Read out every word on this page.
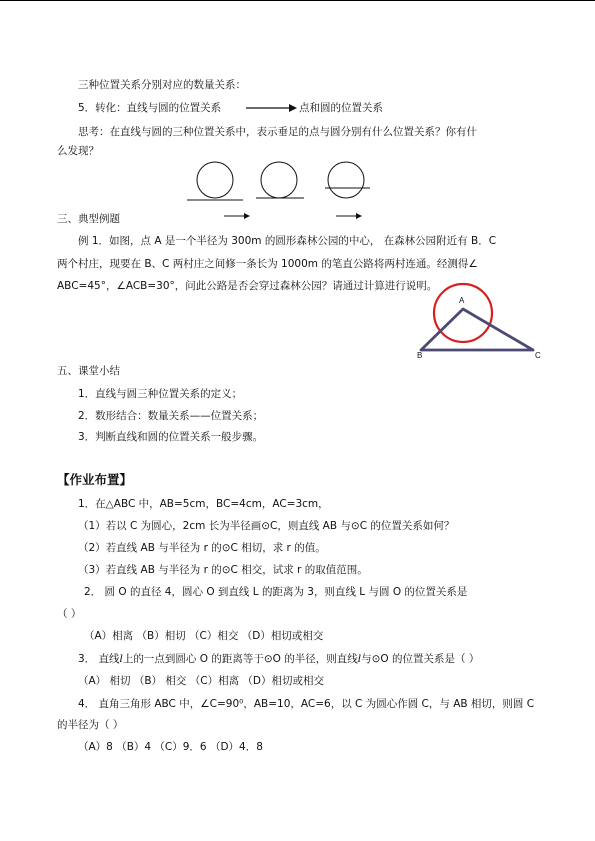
三种位置关系分别对应的数量关系：
5．转化：直线与圆的位置关系	点和圆的位置关系
思考：在直线与圆的三种位置关系中，表示垂足的点与圆分别有什么位置关系？你有什
么发现？
三、典型例题
例 1．如图，点 A 是一个半径为 300m 的圆形森林公园的中心， 在森林公园附近有 B．C
两个村庄，现要在 B、C 两村庄之间修一条长为 1000m 的笔直公路将两村连通。经测得∠
ABC=45°，∠ACB=30°，问此公路是否会穿过森林公园？请通过计算进行说明。
A
B	C
五、课堂小结
1．直线与圆三种位置关系的定义；
2．数形结合：数量关系——位置关系；
3．判断直线和圆的位置关系一般步骤。
【作业布置】
1．在△ABC 中，AB=5cm，BC=4cm，AC=3cm，
（1）若以 C 为圆心，2cm 长为半径画⊙C，则直线 AB 与⊙C 的位置关系如何？
（2）若直线 AB 与半径为 r 的⊙C 相切，求 r 的值。
（3）若直线 AB 与半径为 r 的⊙C 相交，试求 r 的取值范围。
2． 圆 O 的直径 4，圆心 O 到直线 L 的距离为 3，则直线 L 与圆 O 的位置关系是
（ ）
（A）相离 （B）相切 （C）相交 （D）相切或相交
3． 直线l上的一点到圆心 O 的距离等于⊙O 的半径，则直线l与⊙O 的位置关系是（ ）
（A） 相切 （B） 相交 （C）相离 （D）相切或相交
4． 直角三角形 ABC 中，∠C=90⁰，AB=10，AC=6，以 C 为圆心作圆 C，与 AB 相切，则圆 C
的半径为（ ）
（A）8 （B）4 （C）9．6 （D）4．8
